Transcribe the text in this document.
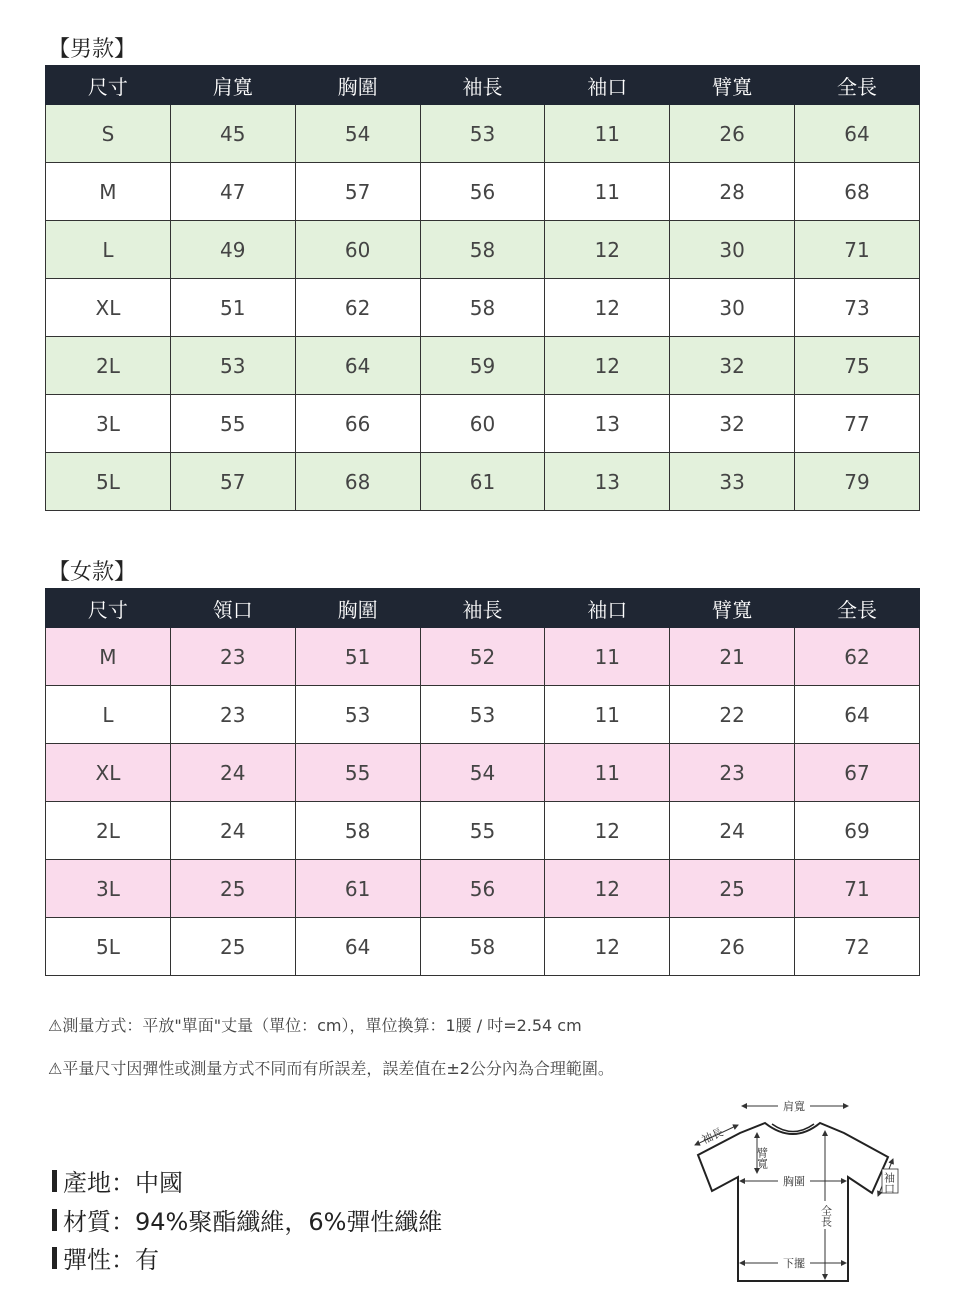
【男款】
尺寸	肩寬	胸圍	袖長	袖口	臂寬	全長
S	45	54	53	11	26	64
M	47	57	56	11	28	68
L	49	60	58	12	30	71
XL	51	62	58	12	30	73
2L	53	64	59	12	32	75
3L	55	66	60	13	32	77
5L	57	68	61	13	33	79
【女款】
尺寸	領口	胸圍	袖長	袖口	臂寬	全長
M	23	51	52	11	21	62
L	23	53	53	11	22	64
XL	24	55	54	11	23	67
2L	24	58	55	12	24	69
3L	25	61	56	12	25	71
5L	25	64	58	12	26	72
⚠測量方式：平放"單面"丈量（單位：cm），單位換算：1腰 / 吋=2.54 cm
⚠平量尺寸因彈性或測量方式不同而有所誤差，誤差值在±2公分內為合理範圍。
產地：中國
材質：94%聚酯纖維，6%彈性纖維
彈性：有
肩寬
袖長
臂寬
胸圍	袖口
全長
下擺
